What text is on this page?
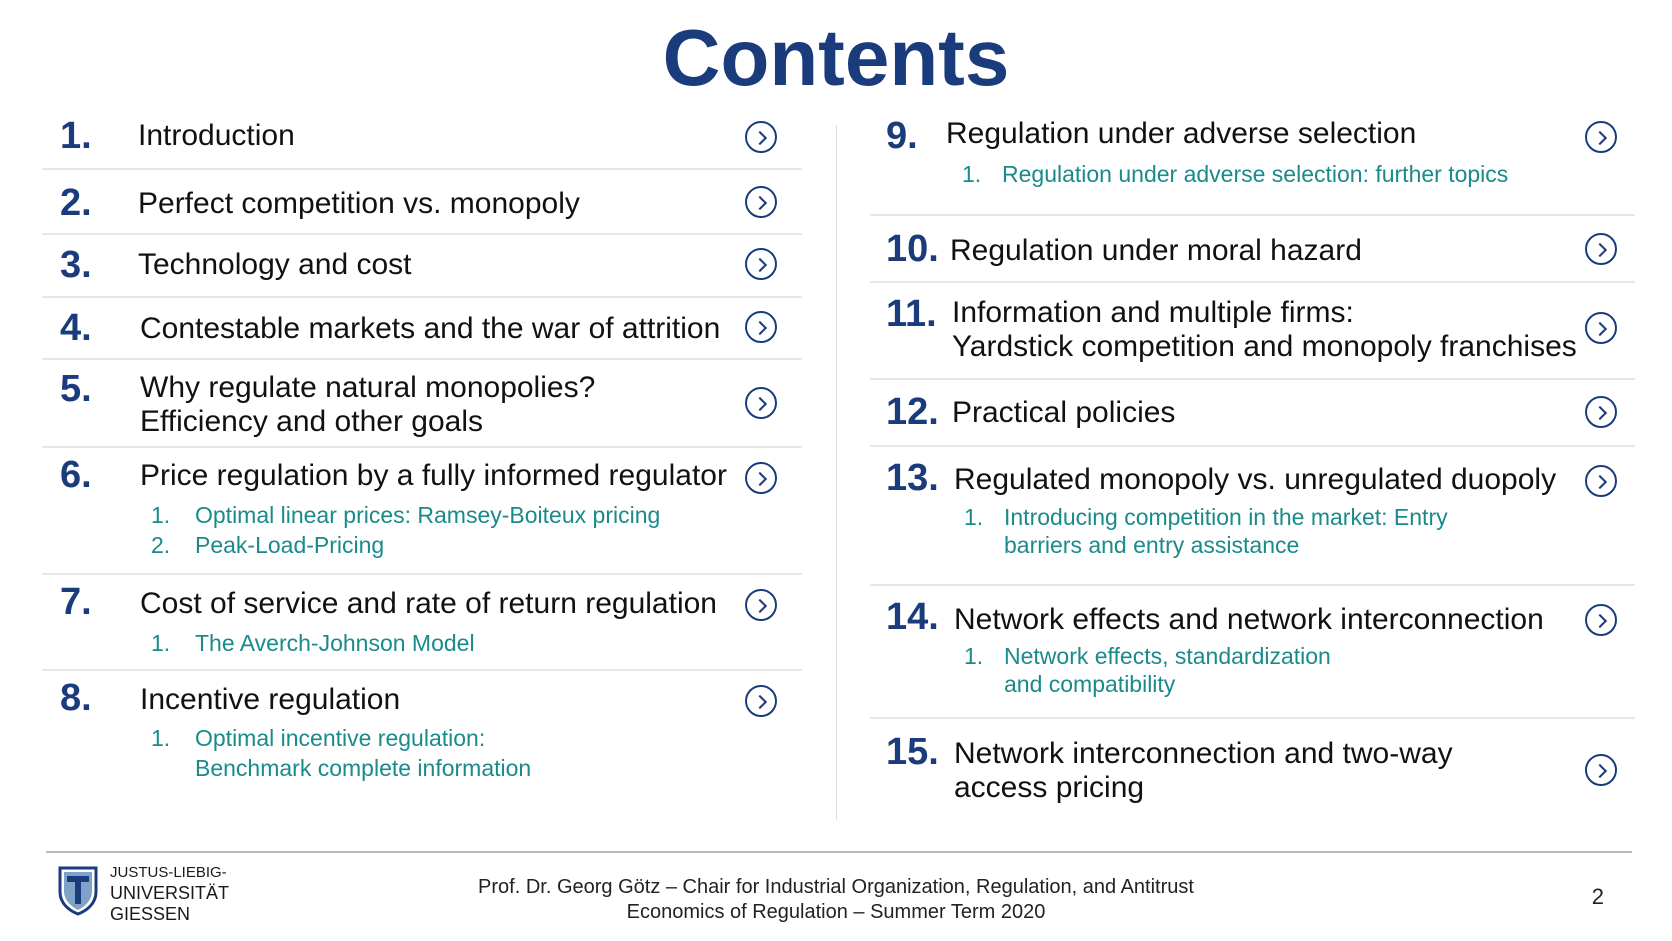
Contents
1. Introduction
2. Perfect competition vs. monopoly
3. Technology and cost
4. Contestable markets and the war of attrition
5. Why regulate natural monopolies?
Efficiency and other goals
6. Price regulation by a fully informed regulator
1. Optimal linear prices: Ramsey-Boiteux pricing
2. Peak-Load-Pricing
7. Cost of service and rate of return regulation
1. The Averch-Johnson Model
8. Incentive regulation
1. Optimal incentive regulation:
Benchmark complete information
9. Regulation under adverse selection
1. Regulation under adverse selection: further topics
10. Regulation under moral hazard
11. Information and multiple firms:
Yardstick competition and monopoly franchises
12. Practical policies
13. Regulated monopoly vs. unregulated duopoly
1. Introducing competition in the market: Entry
barriers and entry assistance
14. Network effects and network interconnection
1. Network effects, standardization
and compatibility
15. Network interconnection and two-way
access pricing
JUSTUS-LIEBIG-
UNIVERSITÄT
GIESSEN
Prof. Dr. Georg Götz – Chair for Industrial Organization, Regulation, and Antitrust
Economics of Regulation – Summer Term 2020
2
